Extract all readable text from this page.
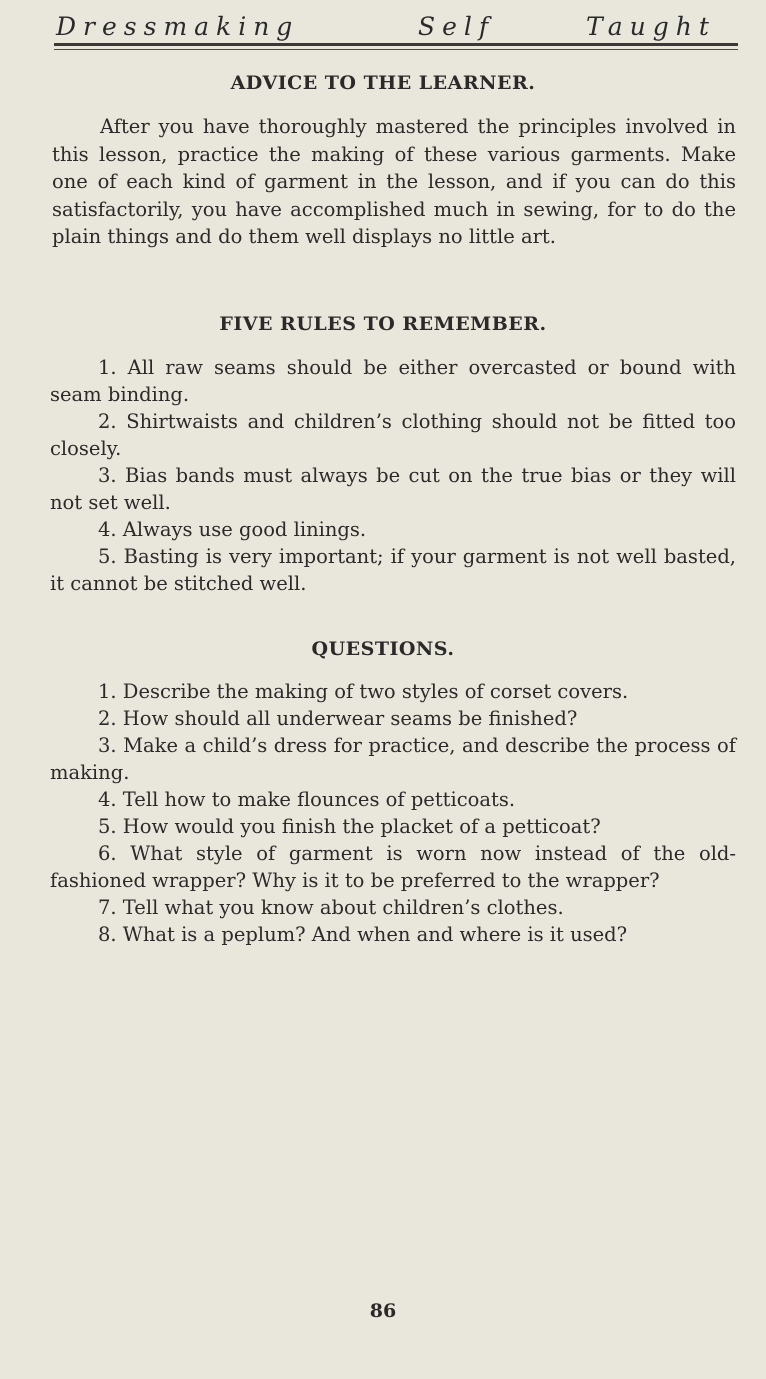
Dressmaking	Self	Taught
ADVICE TO THE LEARNER.

After you have thoroughly mastered the principles involved in this lesson, practice the making of these various garments. Make one of each kind of garment in the lesson, and if you can do this satisfactorily, you have accomplished much in sewing, for to do the plain things and do them well displays no little art.

FIVE RULES TO REMEMBER.

1. All raw seams should be either overcasted or bound with seam binding.

2. Shirtwaists and children’s clothing should not be fitted too closely.

3. Bias bands must always be cut on the true bias or they will not set well.

4. Always use good linings.

5. Basting is very important; if your garment is not well basted, it cannot be stitched well.

QUESTIONS.

1. Describe the making of two styles of corset covers.

2. How should all underwear seams be finished?

3. Make a child’s dress for practice, and describe the process of making.

4. Tell how to make flounces of petticoats.

5. How would you finish the placket of a petticoat?

6. What style of garment is worn now instead of the old-fashioned wrapper? Why is it to be preferred to the wrapper?

7. Tell what you know about children’s clothes.

8. What is a peplum? And when and where is it used?

86
